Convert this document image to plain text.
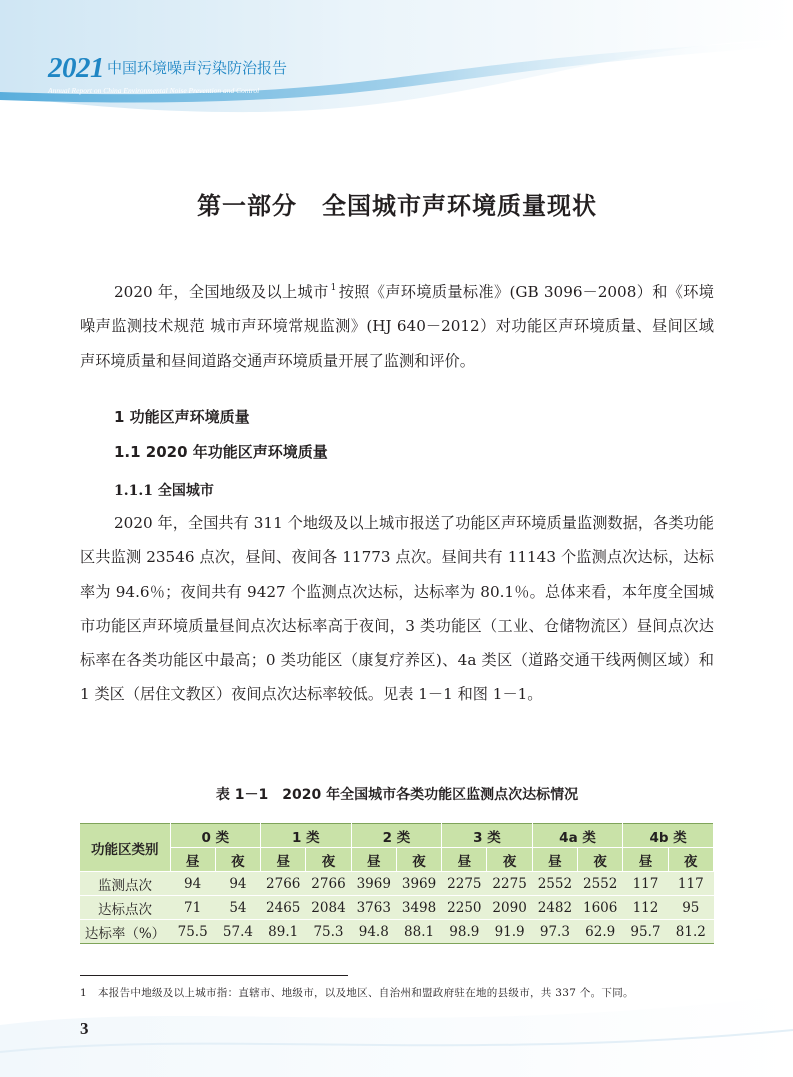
2021 中国环境噪声污染防治报告
Annual Report on China Environmental Noise Prevention and Control
第一部分　全国城市声环境质量现状

2020 年，全国地级及以上城市 $^1$ 按照《声环境质量标准》(GB 3096－2008）和《环境噪声监测技术规范 城市声环境常规监测》(HJ 640－2012）对功能区声环境质量、昼间区域声环境质量和昼间道路交通声环境质量开展了监测和评价。

1 功能区声环境质量
1.1 2020 年功能区声环境质量
1.1.1 全国城市

2020 年，全国共有 311 个地级及以上城市报送了功能区声环境质量监测数据，各类功能区共监测 23546 点次，昼间、夜间各 11773 点次。昼间共有 11143 个监测点次达标，达标率为 94.6％；夜间共有 9427 个监测点次达标，达标率为 80.1％。总体来看，本年度全国城市功能区声环境质量昼间点次达标率高于夜间，3 类功能区（工业、仓储物流区）昼间点次达标率在各类功能区中最高；0 类功能区（康复疗养区)、4a 类区（道路交通干线两侧区域）和 1 类区（居住文教区）夜间点次达标率较低。见表 1－1 和图 1－1。

表 1－1　2020 年全国城市各类功能区监测点次达标情况

功能区类别	0 类		1 类		2 类		3 类		4a 类		4b 类	
	昼	夜	昼	夜	昼	夜	昼	夜	昼	夜	昼	夜
监测点次	94	94	2766	2766	3969	3969	2275	2275	2552	2552	117	117
达标点次	71	54	2465	2084	3763	3498	2250	2090	2482	1606	112	95
达标率（%）	75.5	57.4	89.1	75.3	94.8	88.1	98.9	91.9	97.3	62.9	95.7	81.2

1 本报告中地级及以上城市指：直辖市、地级市，以及地区、自治州和盟政府驻在地的县级市，共 337 个。下同。

3
